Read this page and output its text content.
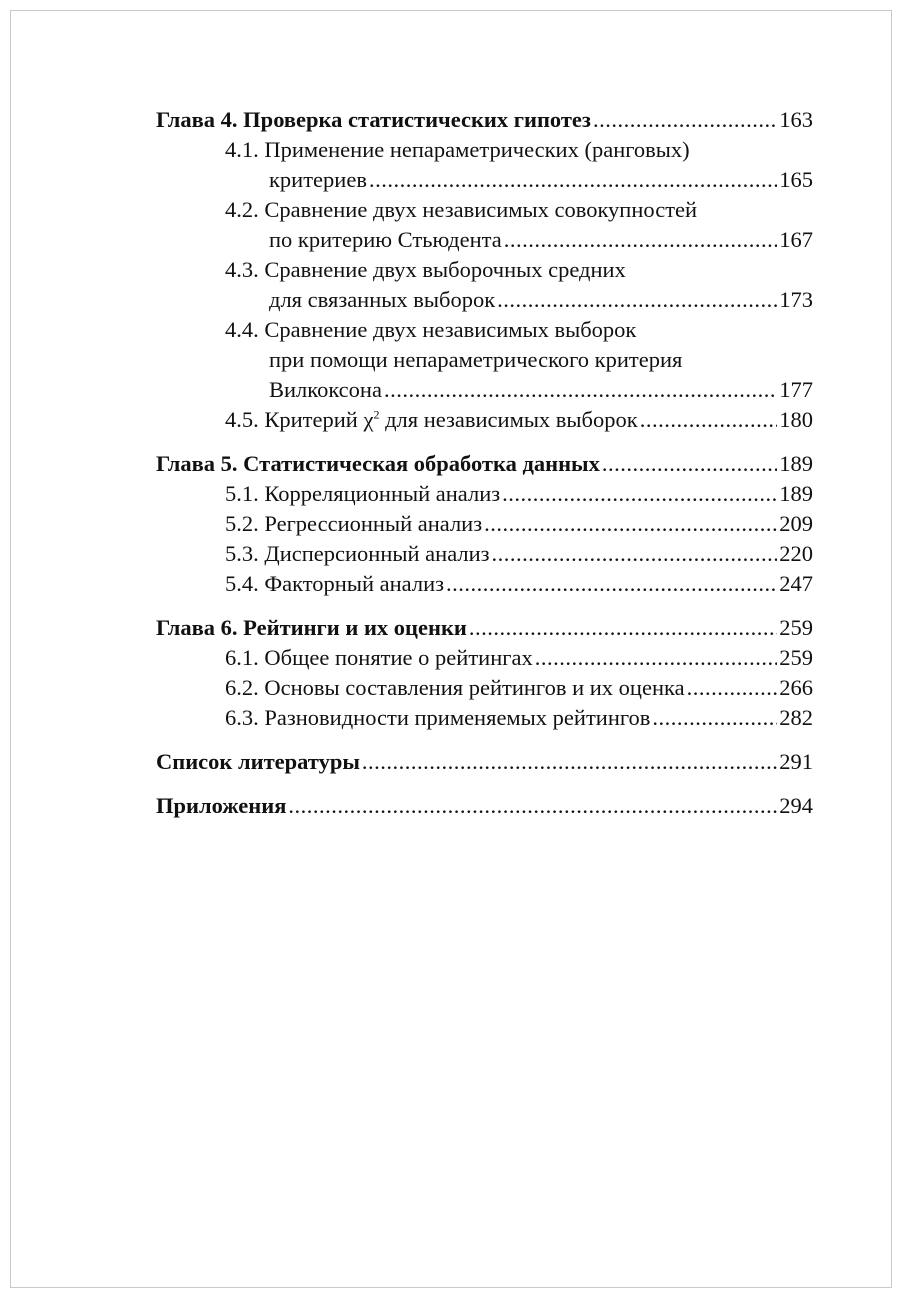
Глава 4. Проверка статистических гипотез .....	163
4.1. Применение непараметрических (ранговых)
критериев .....	165
4.2. Сравнение двух независимых совокупностей
по критерию Стьюдента .....	167
4.3. Сравнение двух выборочных средних
для связанных выборок .....	173
4.4. Сравнение двух независимых выборок
при помощи непараметрического критерия
Вилкоксона .....	177
4.5. Критерий $\chi^2$ для независимых выборок .....	180
Глава 5. Статистическая обработка данных .....	189
5.1. Корреляционный анализ .....	189
5.2. Регрессионный анализ .....	209
5.3. Дисперсионный анализ .....	220
5.4. Факторный анализ .....	247
Глава 6. Рейтинги и их оценки .....	259
6.1. Общее понятие о рейтингах .....	259
6.2. Основы составления рейтингов и их оценка .....	266
6.3. Разновидности применяемых рейтингов .....	282
Список литературы .....	291
Приложения .....	294
